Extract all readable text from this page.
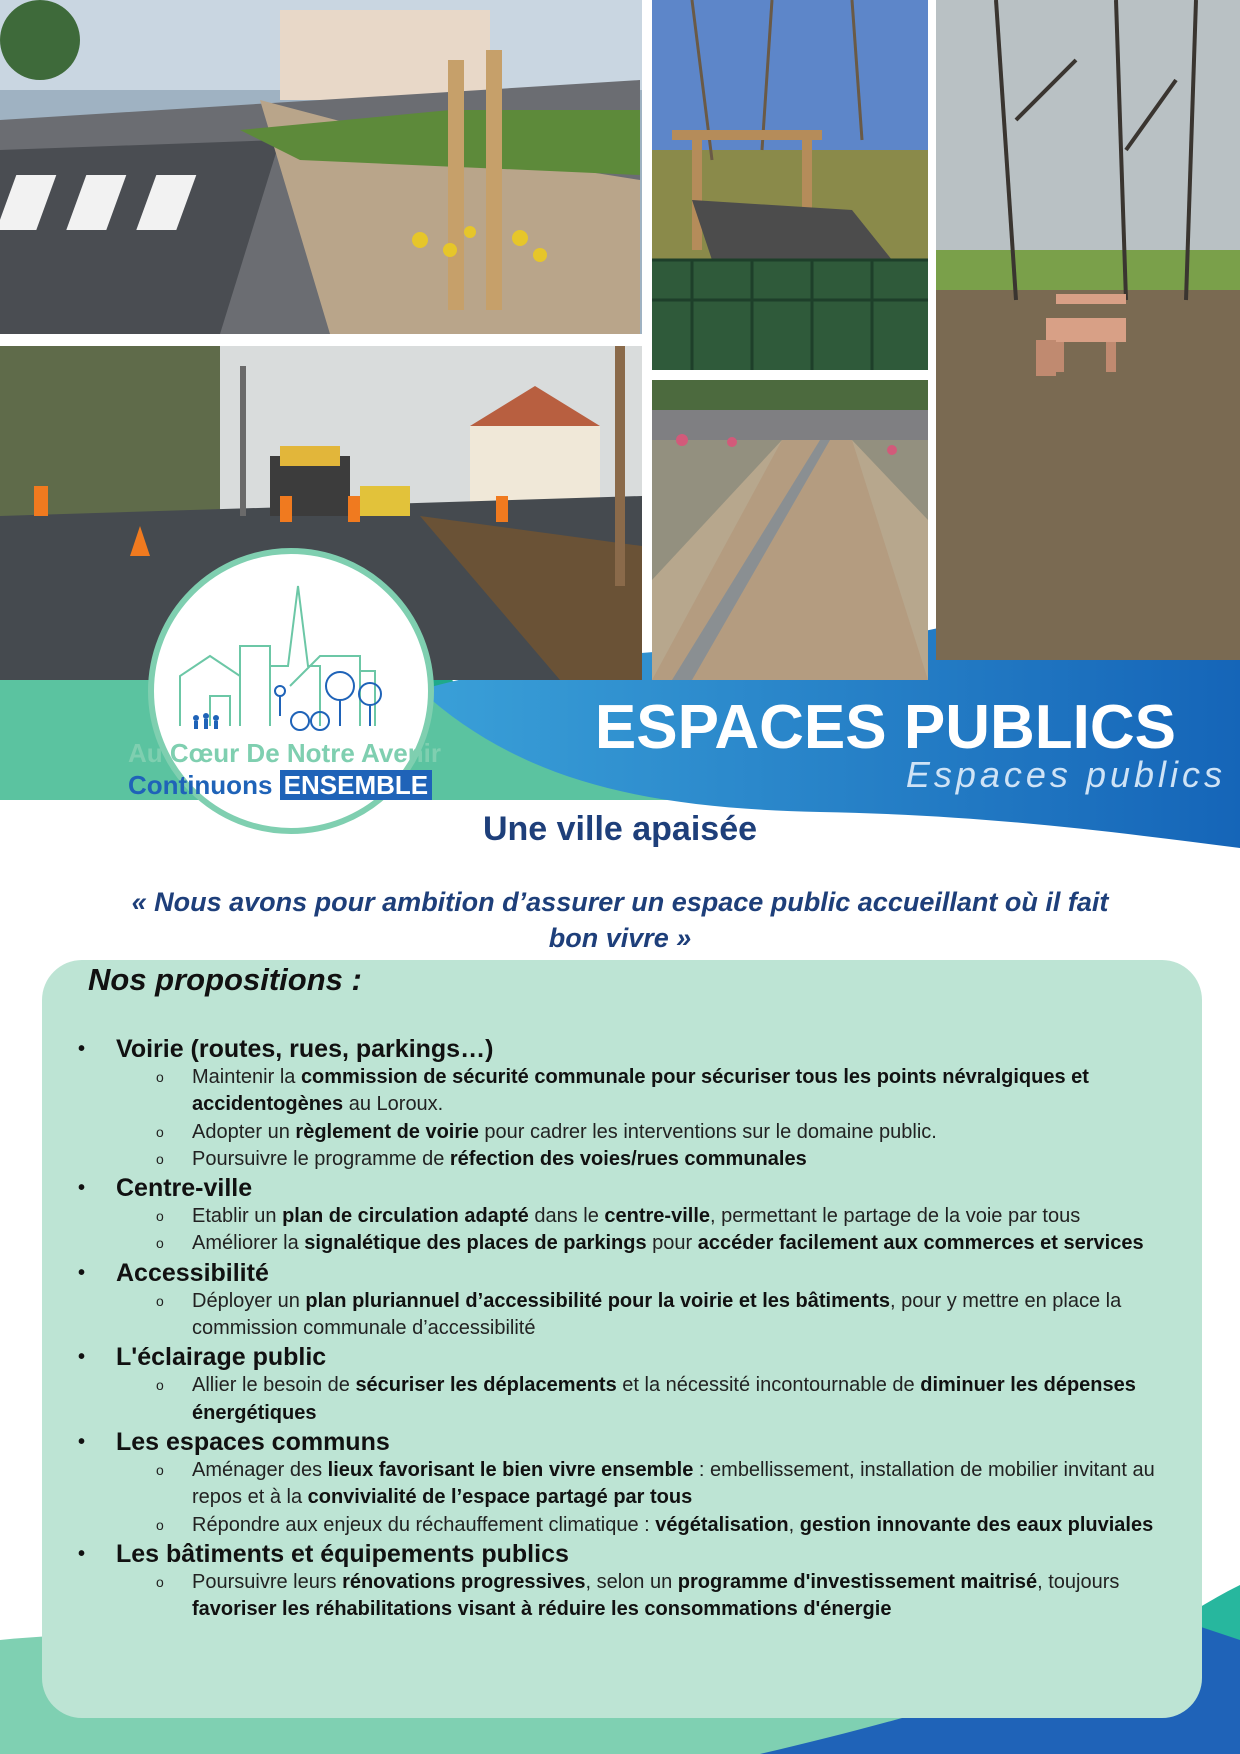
Au Cœur De Notre Avenir
Continuons ENSEMBLE
ESPACES PUBLICS
Espaces publics
Une ville apaisée
« Nous avons pour ambition d’assurer un espace public accueillant où il fait
bon vivre »
Nos propositions :
•	Voirie (routes, rues, parkings…)
o	Maintenir la commission de sécurité communale pour sécuriser tous les points névralgiques et accidentogènes au Loroux.
o	Adopter un règlement de voirie pour cadrer les interventions sur le domaine public.
o	Poursuivre le programme de réfection des voies/rues communales
•	Centre-ville
o	Etablir un plan de circulation adapté dans le centre-ville, permettant le partage de la voie par tous
o	Améliorer la signalétique des places de parkings pour accéder facilement aux commerces et services
•	Accessibilité
o	Déployer un plan pluriannuel d’accessibilité pour la voirie et les bâtiments, pour y mettre en place la commission communale d’accessibilité
•	L'éclairage public
o	Allier le besoin de sécuriser les déplacements et la nécessité incontournable de diminuer les dépenses énergétiques
•	Les espaces communs
o	Aménager des lieux favorisant le bien vivre ensemble : embellissement, installation de mobilier invitant au repos et à la convivialité de l’espace partagé par tous
o	Répondre aux enjeux du réchauffement climatique : végétalisation, gestion innovante des eaux pluviales
•	Les bâtiments et équipements publics
o	Poursuivre leurs rénovations progressives, selon un programme d'investissement maitrisé, toujours favoriser les réhabilitations visant à réduire les consommations d'énergie
